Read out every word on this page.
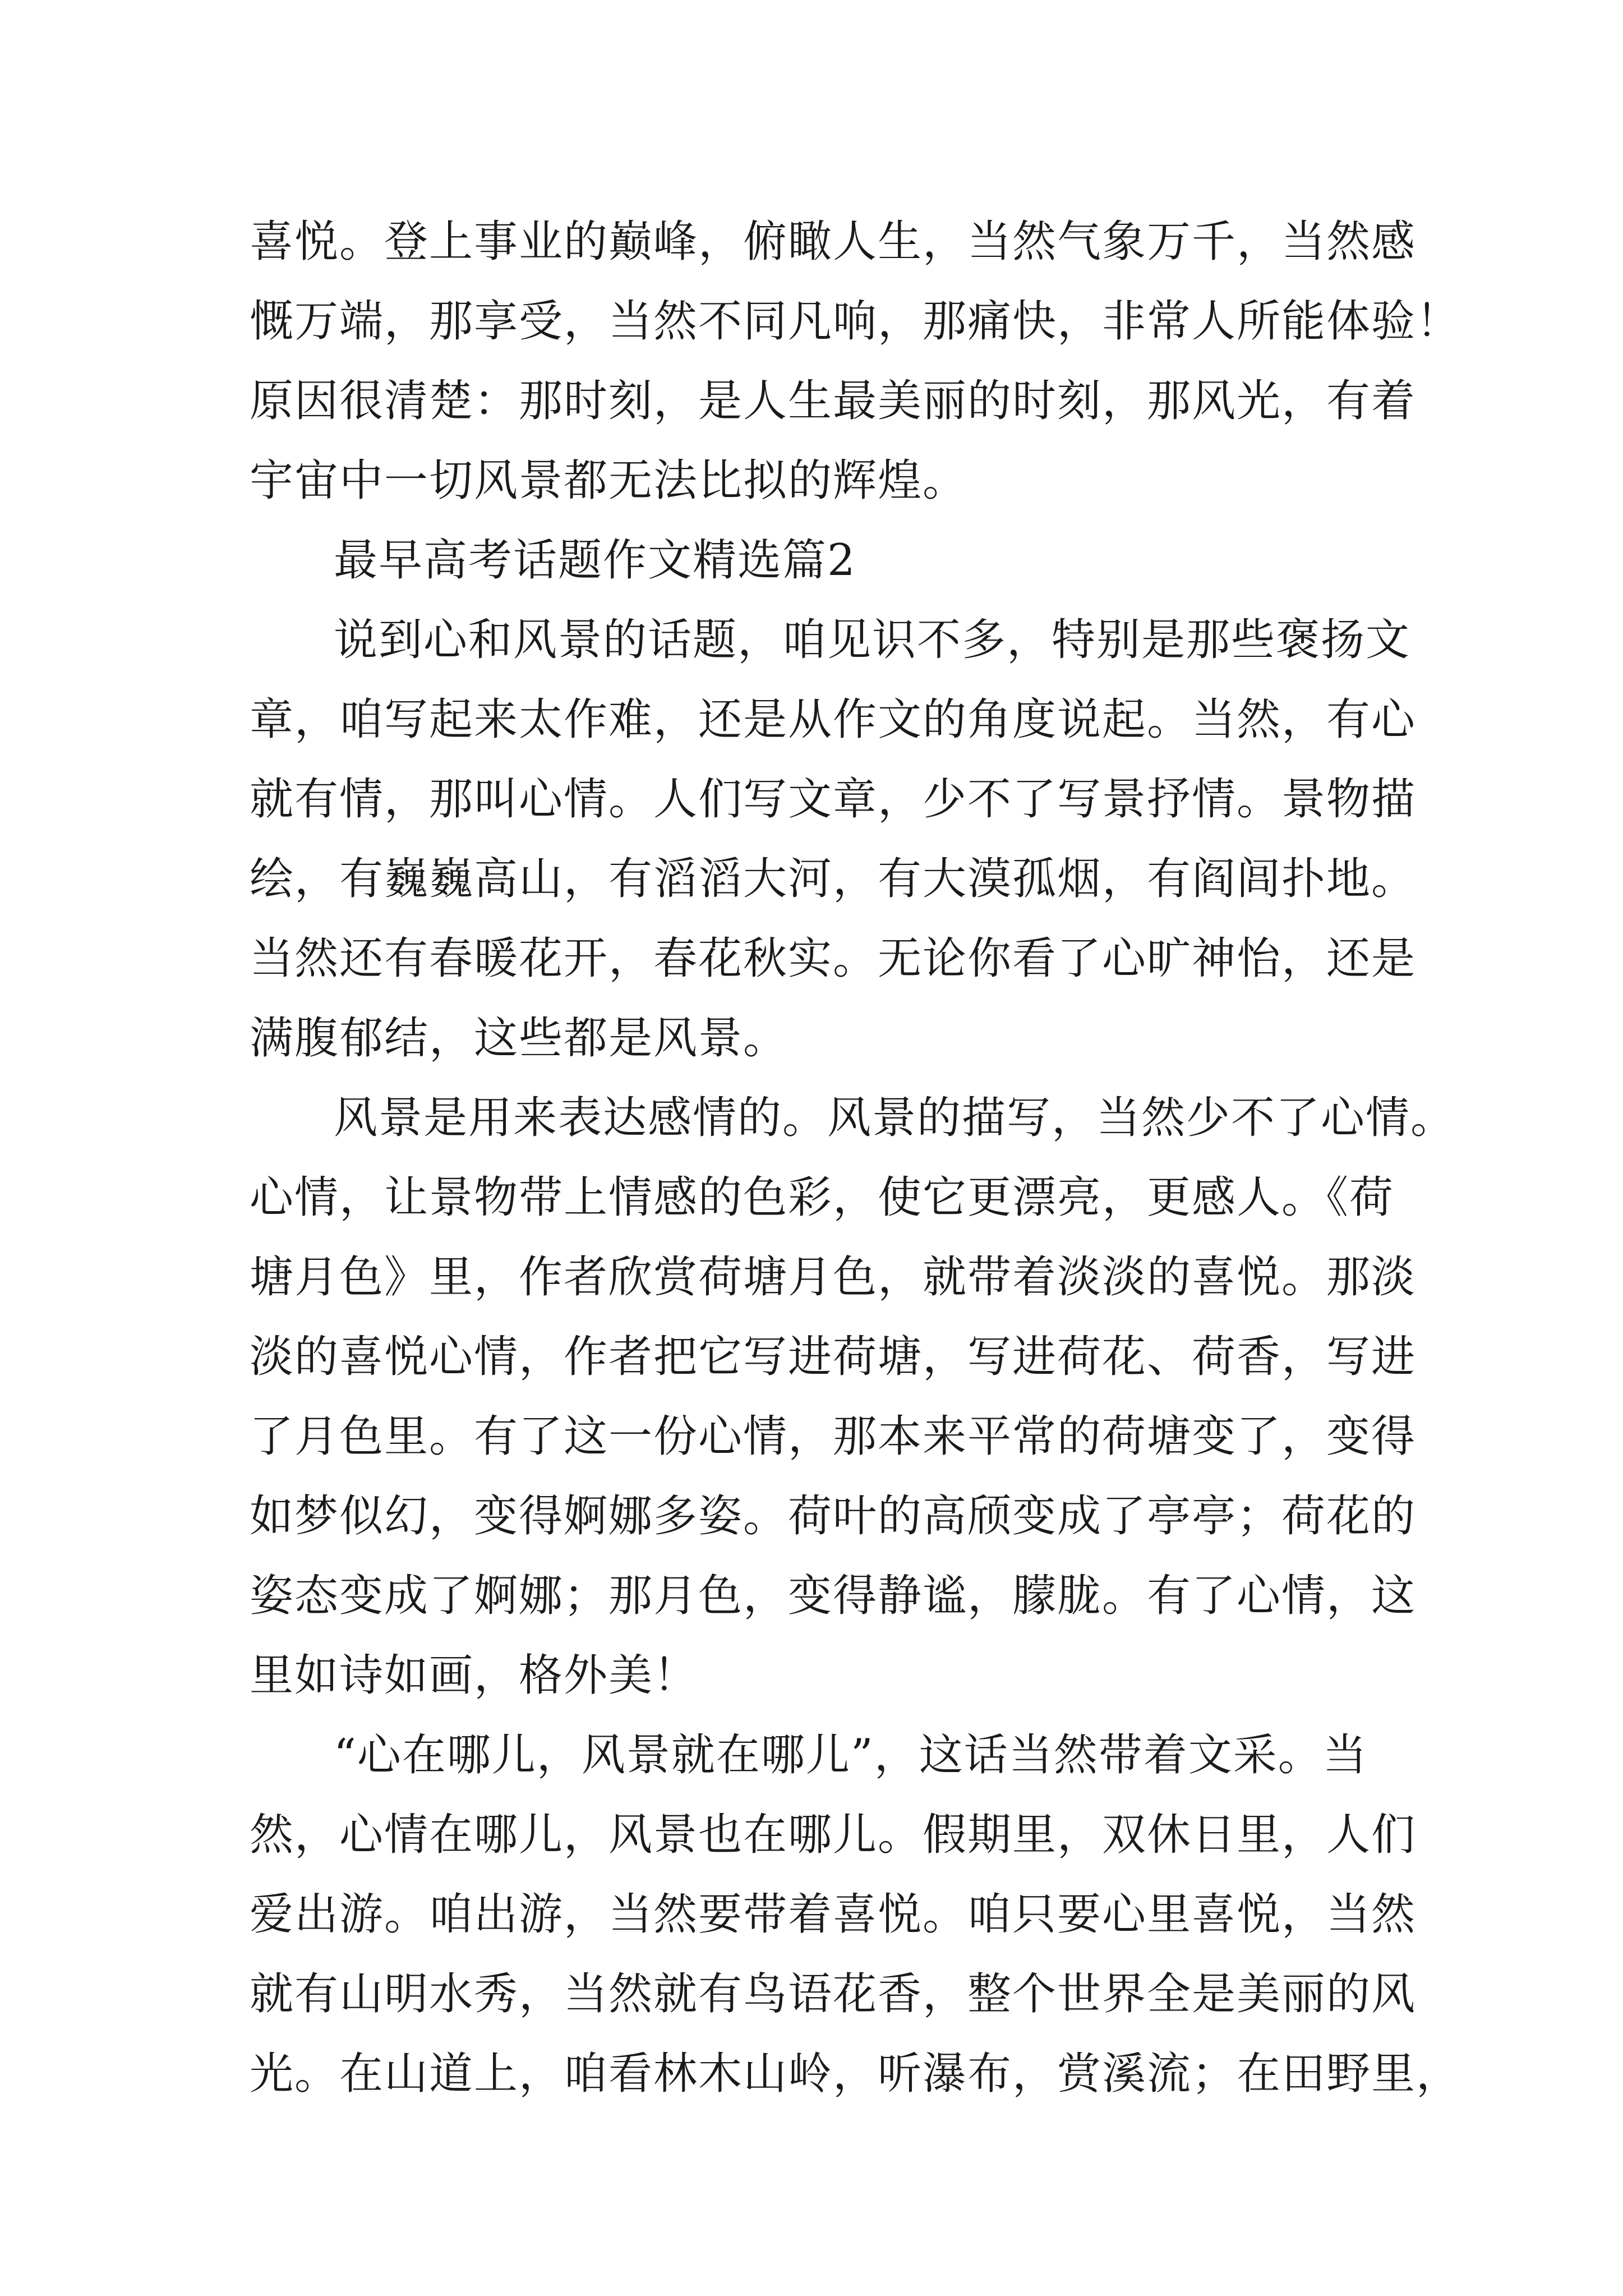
喜悦。登上事业的巅峰，俯瞰人生，当然气象万千，当然感
慨万端，那享受，当然不同凡响，那痛快，非常人所能体验！
原因很清楚：那时刻，是人生最美丽的时刻，那风光，有着
宇宙中一切风景都无法比拟的辉煌。
最早高考话题作文精选篇2
说到心和风景的话题，咱见识不多，特别是那些褒扬文
章，咱写起来太作难，还是从作文的角度说起。当然，有心
就有情，那叫心情。人们写文章，少不了写景抒情。景物描
绘，有巍巍高山，有滔滔大河，有大漠孤烟，有阎闾扑地。
当然还有春暖花开，春花秋实。无论你看了心旷神怡，还是
满腹郁结，这些都是风景。
风景是用来表达感情的。风景的描写，当然少不了心情。
心情，让景物带上情感的色彩，使它更漂亮，更感人。《荷
塘月色》里，作者欣赏荷塘月色，就带着淡淡的喜悦。那淡
淡的喜悦心情，作者把它写进荷塘，写进荷花、荷香，写进
了月色里。有了这一份心情，那本来平常的荷塘变了，变得
如梦似幻，变得婀娜多姿。荷叶的高颀变成了亭亭；荷花的
姿态变成了婀娜；那月色，变得静谧，朦胧。有了心情，这
里如诗如画，格外美！
“心在哪儿，风景就在哪儿”，这话当然带着文采。当
然，心情在哪儿，风景也在哪儿。假期里，双休日里，人们
爱出游。咱出游，当然要带着喜悦。咱只要心里喜悦，当然
就有山明水秀，当然就有鸟语花香，整个世界全是美丽的风
光。在山道上，咱看林木山岭，听瀑布，赏溪流；在田野里，
